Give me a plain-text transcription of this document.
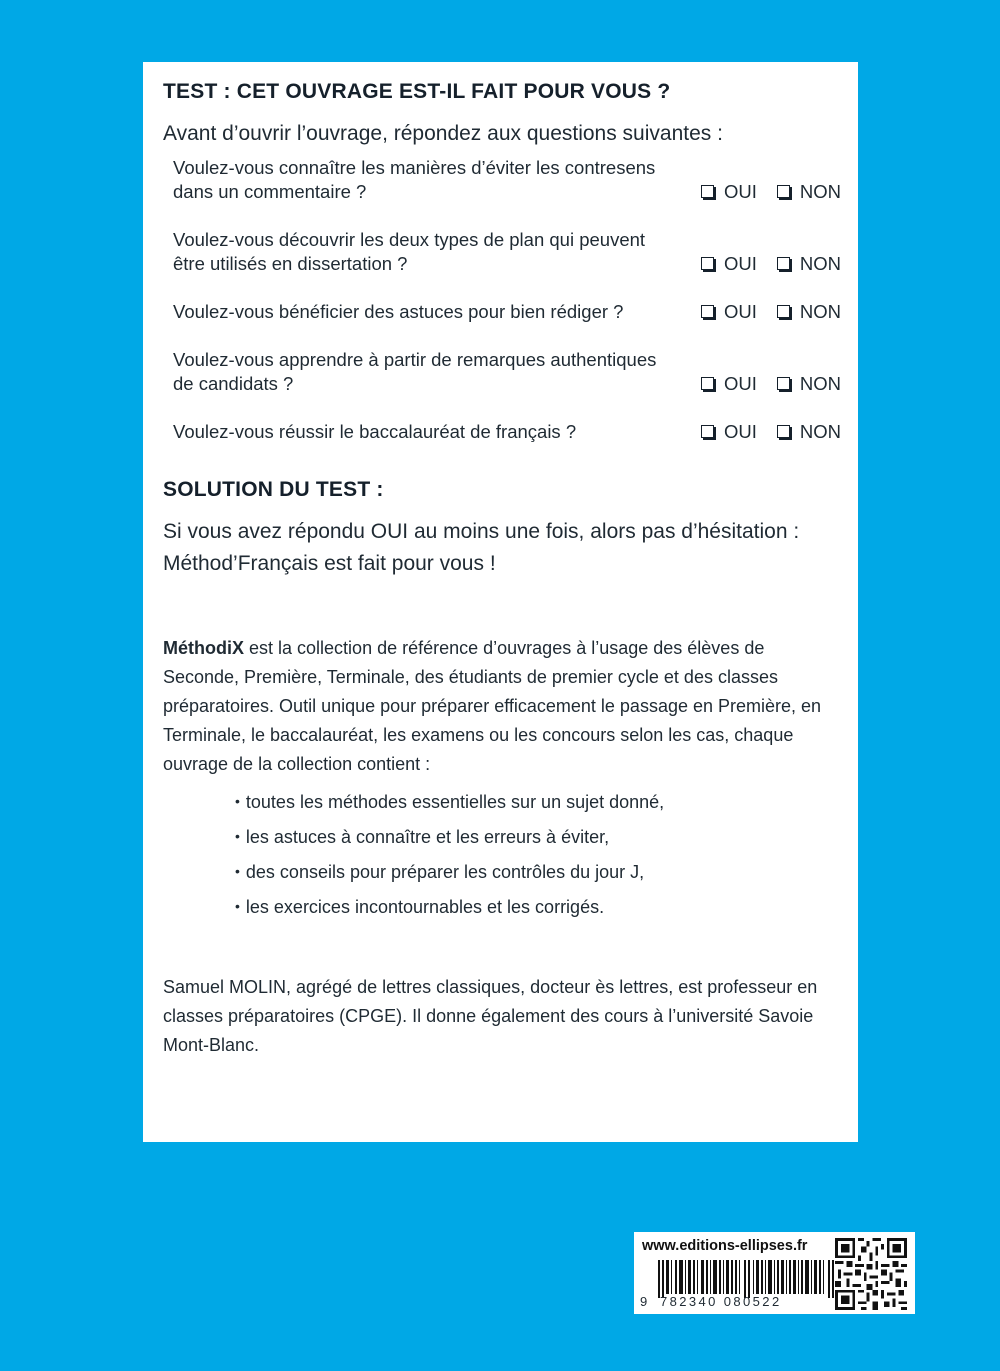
TEST : CET OUVRAGE EST-IL FAIT POUR VOUS ?

Avant d’ouvrir l’ouvrage, répondez aux questions suivantes :

Voulez-vous connaître les manières d’éviter les contresens dans un commentaire ?	OUI NON
Voulez-vous découvrir les deux types de plan qui peuvent être utilisés en dissertation ?	OUI NON
Voulez-vous bénéficier des astuces pour bien rédiger ?	OUI NON
Voulez-vous apprendre à partir de remarques authentiques de candidats ?	OUI NON
Voulez-vous réussir le baccalauréat de français ?	OUI NON
SOLUTION DU TEST :

Si vous avez répondu OUI au moins une fois, alors pas d’hésitation :
Méthod’Français est fait pour vous !

MéthodiX est la collection de référence d’ouvrages à l’usage des élèves de Seconde, Première, Terminale, des étudiants de premier cycle et des classes préparatoires. Outil unique pour préparer efficacement le passage en Première, en Terminale, le baccalauréat, les examens ou les concours selon les cas, chaque ouvrage de la collection contient :

• toutes les méthodes essentielles sur un sujet donné,
• les astuces à connaître et les erreurs à éviter,
• des conseils pour préparer les contrôles du jour J,
• les exercices incontournables et les corrigés.

Samuel MOLIN, agrégé de lettres classiques, docteur ès lettres, est professeur en classes préparatoires (CPGE). Il donne également des cours à l’université Savoie Mont-Blanc.

www.editions-ellipses.fr
9 782340 080522
